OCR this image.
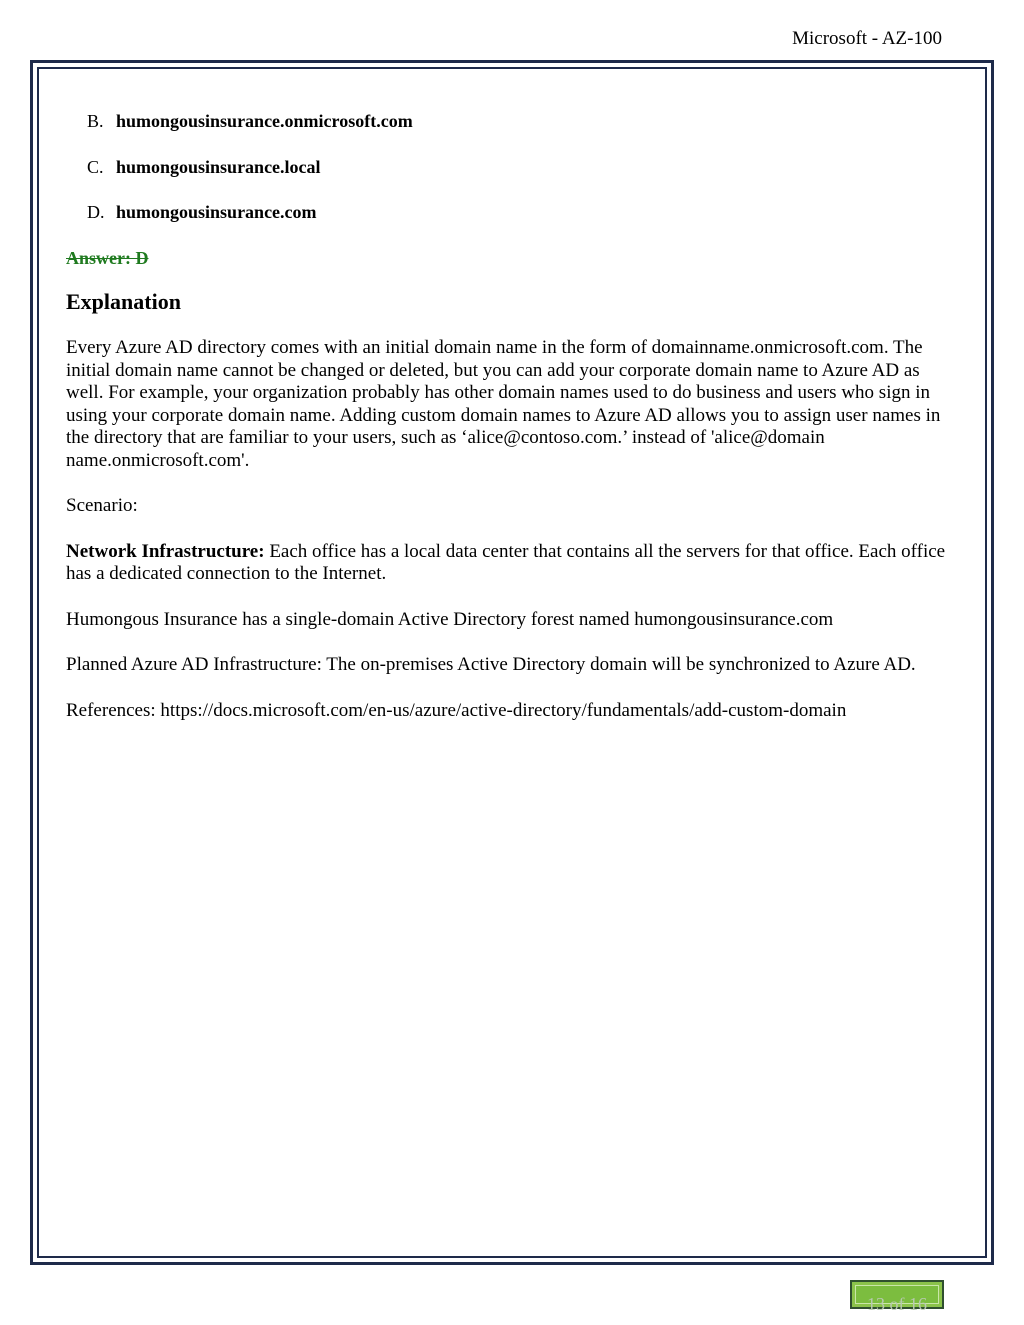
Microsoft - AZ-100
B. humongousinsurance.onmicrosoft.com
C. humongousinsurance.local
D. humongousinsurance.com
Answer: D
Explanation

Every Azure AD directory comes with an initial domain name in the form of domainname.onmicrosoft.com. The initial domain name cannot be changed or deleted, but you can add your corporate domain name to Azure AD as well. For example, your organization probably has other domain names used to do business and users who sign in using your corporate domain name. Adding custom domain names to Azure AD allows you to assign user names in the directory that are familiar to your users, such as ‘alice@contoso.com.’ instead of 'alice@domain name.onmicrosoft.com'.

Scenario:

Network Infrastructure: Each office has a local data center that contains all the servers for that office. Each office has a dedicated connection to the Internet.

Humongous Insurance has a single-domain Active Directory forest named humongousinsurance.com

Planned Azure AD Infrastructure: The on-premises Active Directory domain will be synchronized to Azure AD.

References: https://docs.microsoft.com/en-us/azure/active-directory/fundamentals/add-custom-domain

13 of 16
